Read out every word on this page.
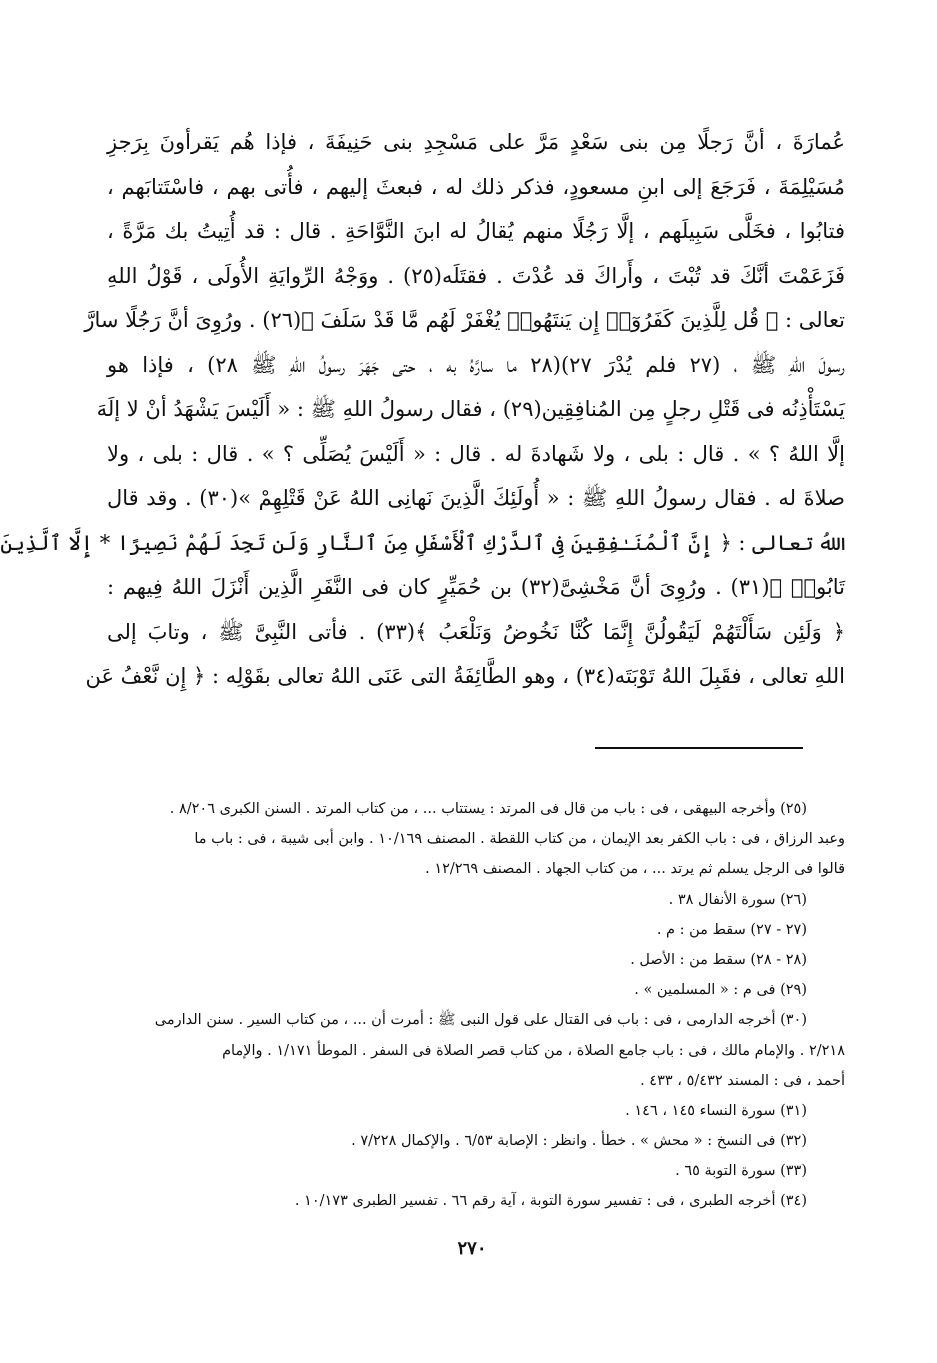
عُمارَةَ ، أنَّ رَجلًا مِن بنى سَعْدٍ مَرَّ على مَسْجِدِ بنى حَنِيفَةَ ، فإذا هُم يَقرأونَ بِرَجزِ
مُسَيْلِمَةَ ، فَرَجَعَ إلى ابنِ مسعودٍ، فذكر ذلك له ، فبعثَ إليهم ، فأُتى بهم ، فاسْتَتابَهم ،
فتابُوا ، فخَلَّى سَبِيلَهم ، إلَّا رَجُلًا منهم يُقالُ له ابنَ النَّوَّاحَةِ . قال : قد أُتِيتُ بك مَرَّةً ،
فَزَعَمْتَ أنَّكَ قد تُبْتَ ، وأَراكَ قد عُدْتَ . فقتَلَه(٢٥) . ووَجْهُ الرِّوايَةِ الأُولَى ، قَوْلُ اللهِ
تعالى : ﴿ قُل لِلَّذِينَ كَفَرُوٓا۟ إِن يَنتَهُوا۟ يُغْفَرْ لَهُم مَّا قَدْ سَلَفَ ﴾(٢٦) . ورُوِىَ أنَّ رَجُلًا سارَّ
رسولَ اللهِ ﷺ ، (٢٧ فلم يُدْرَ ٢٧)(٢٨ ما سارَّهُ به ، حتى جَهَرَ رسولُ اللهِ ﷺ ٢٨) ، فإذا هو
يَسْتَأْذِنُه فى قَتْلِ رجلٍ مِن المُنافِقِين(٢٩) ، فقال رسولُ اللهِ ﷺ : « أَلَيْسَ يَشْهَدُ أنْ لا إلَهَ
إلَّا اللهُ ؟ » . قال : بلى ، ولا شَهادةَ له . قال : « أَلَيْسَ يُصَلِّى ؟ » . قال : بلى ، ولا
صلاةَ له . فقال رسولُ اللهِ ﷺ : « أُولَئِكَ الَّذِينَ نَهانِى اللهُ عَنْ قَتْلِهِمْ »(٣٠) . وقد قال
اللهُ تعالى : ﴿ إِنَّ ٱلْمُنَـٰفِقِينَ فِى ٱلدَّرْكِ ٱلْأَسْفَلِ مِنَ ٱلنَّارِ وَلَن تَجِدَ لَهُمْ نَصِيرًا * إِلَّا ٱلَّذِينَ
تَابُوا۟ ﴾(٣١) . ورُوِىَ أنَّ مَخْشِىَّ(٣٢) بن حُمَيِّرٍ كان فى النَّفَرِ الَّذِين أَنْزَلَ اللهُ فِيهم :
﴿ وَلَئِن سَأَلْتَهُمْ لَيَقُولُنَّ إِنَّمَا كُنَّا نَخُوضُ وَنَلْعَبُ ﴾(٣٣) . فأتى النَّبِىَّ ﷺ ، وتابَ إلى
اللهِ تعالى ، فقَبِلَ اللهُ تَوْبَتَه(٣٤) ، وهو الطَّائِفَةُ التى عَنَى اللهُ تعالى بقَوْلِه : ﴿ إِن نَّعْفُ عَن
(٢٥) وأخرجه البيهقى ، فى : باب من قال فى المرتد : يستتاب ... ، من كتاب المرتد . السنن الكبرى ٨/٢٠٦ .
وعبد الرزاق ، فى : باب الكفر بعد الإيمان ، من كتاب اللقطة . المصنف ١٠/١٦٩ . وابن أبى شيبة ، فى : باب ما
قالوا فى الرجل يسلم ثم يرتد ... ، من كتاب الجهاد . المصنف ١٢/٢٦٩ .
(٢٦) سورة الأنفال ٣٨ .
(٢٧ - ٢٧) سقط من : م .
(٢٨ - ٢٨) سقط من : الأصل .
(٢٩) فى م : « المسلمين » .
(٣٠) أخرجه الدارمى ، فى : باب فى القتال على قول النبى ﷺ : أمرت أن ... ، من كتاب السير . سنن الدارمى
٢/٢١٨ . والإمام مالك ، فى : باب جامع الصلاة ، من كتاب قصر الصلاة فى السفر . الموطأ ١/١٧١ . والإمام
أحمد ، فى : المسند ٥/٤٣٢ ، ٤٣٣ .
(٣١) سورة النساء ١٤٥ ، ١٤٦ .
(٣٢) فى النسخ : « محش » . خطأ . وانظر : الإصابة ٦/٥٣ . والإكمال ٧/٢٢٨ .
(٣٣) سورة التوبة ٦٥ .
(٣٤) أخرجه الطبرى ، فى : تفسير سورة التوبة ، آية رقم ٦٦ . تفسير الطبرى ١٠/١٧٣ .
٢٧٠
